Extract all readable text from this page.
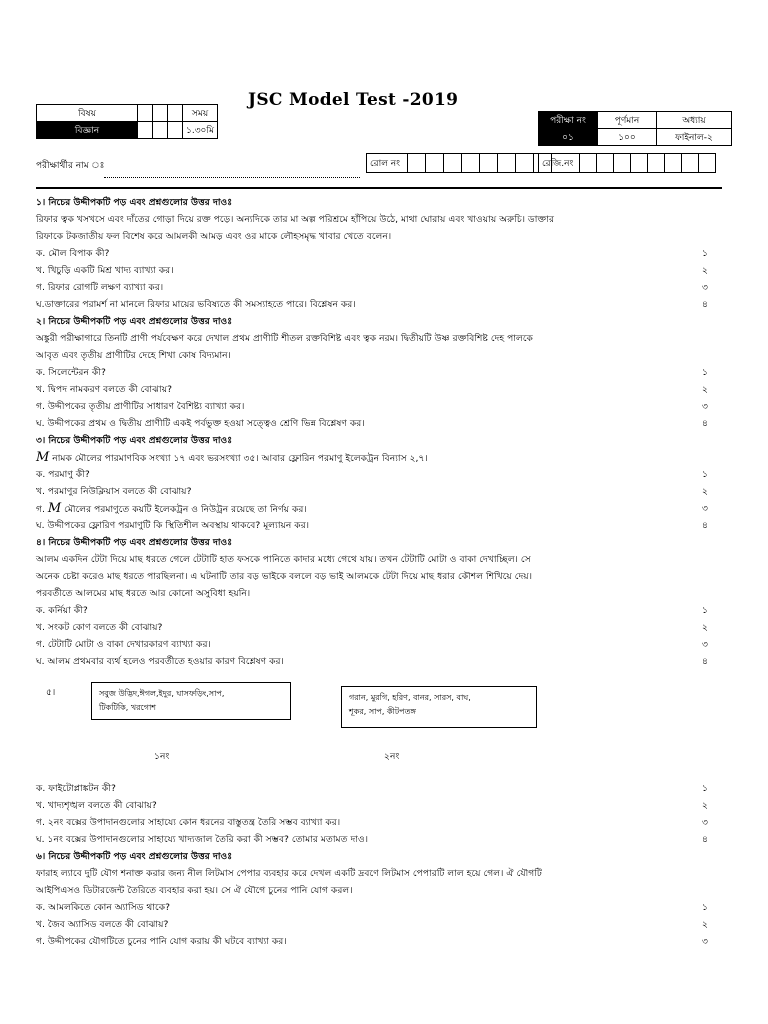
JSC Model Test -2019
বিষয়				সময়
বিজ্ঞান				১.৩০মি
পরীক্ষা নং	পূর্ণমান	অধ্যায়
০১	১০০	ফাইনাল-২
পরীক্ষার্থীর নাম ঃ	রোল নং									রেজি.নং								
১। নিচের উদ্দীপকটি পড় এবং প্রশ্নগুলোর উত্তর দাওঃ
রিফার ত্বক খসখসে এবং দাঁতের গোড়া দিয়ে রক্ত পড়ে। অন্যদিকে তার মা অল্প পরিশ্রমে হাঁপিয়ে উঠে, মাথা ঘোরায় এবং খাওয়ায় অরুচি। ডাক্তার
রিফাকে টকজাতীয় ফল বিশেষ করে আমলকী আমড় এবং ওর মাকে লৌহসমৃদ্ধ খাবার খেতে বলেন।
ক. মৌল বিপাক কী?	১
খ. খিচুড়ি একটি মিশ্র খাদ্য ব্যাখ্যা কর।	২
গ. রিফার রোগটি লক্ষণ ব্যাখ্যা কর।	৩
ঘ.ডাক্তারের পরামর্শ না মানলে রিফার মায়ের ভবিষ্যতে কী সমস্যাহতে পারে। বিশ্লেষন কর।	৪
২। নিচের উদ্দীপকটি পড় এবং প্রশ্নগুলোর উত্তর দাওঃ
অঙ্কুরী পরীক্ষাগারে তিনটি প্রাণী পর্যবেক্ষণ করে দেখাল প্রথম প্রাণীটি শীতল রক্তবিশিষ্ট এবং ত্বক নরম। দ্বিতীয়টি উষ্ণ রক্তবিশিষ্ট দেহ পালকে
আবৃত এবং তৃতীয় প্রাণীটির দেহে শিখা কোষ বিদ্যমান।
ক. সিলেন্টেরন কী?	১
খ. দ্বিপদ নামকরণ বলতে কী বোঝায়?	২
গ. উদ্দীপকের তৃতীয় প্রাণীটির সাধারণ বৈশিষ্ট্য ব্যাখ্যা কর।	৩
ঘ. উদ্দীপকের প্রথম ও দ্বিতীয় প্রাণীটি একই পর্বভুক্ত হওয়া সত্ত্বেও শ্রেণি ভিন্ন বিশ্লেষণ কর।	৪
৩। নিচের উদ্দীপকটি পড় এবং প্রশ্নগুলোর উত্তর দাওঃ
M নামক মৌলের পারমাণবিক সংখ্যা ১৭ এবং ভরসংখ্যা ৩৫। আবার ফ্লোরিন পরমাণু ইলেকট্রন বিন্যাস ২,৭।
ক. পরমাণু কী?	১
খ. পরমাণুর নিউক্লিয়াস বলতে কী বোঝায়?	২
গ. M মৌলের পরমাণুতে কয়টি ইলেকট্রন ও নিউট্রন রয়েছে তা নির্ণয় কর।	৩
ঘ. উদ্দীপকের ফ্লোরিণ পরমাণুটি কি স্থিতিশীল অবস্থায় থাকবে? মূল্যায়ন কর।	৪
৪। নিচের উদ্দীপকটি পড় এবং প্রশ্নগুলোর উত্তর দাওঃ
আলম একদিন টেটা দিয়ে মাছ ধরতে গেলে টেটাটি হাত ফসকে পানিতে কাদার মধ্যে গেথে যায়। তখন টেটাটি মোটা ও বাকা দেখাচ্ছিল। সে
অনেক চেষ্টা করেও মাছ ধরতে পারছিলনা। এ ঘটনাটি তার বড় ভাইকে বললে বড় ভাই আলমকে টেটা দিয়ে মাছ ধরার কৌশল শিখিয়ে দেয়।
পরবর্তীতে আলমের মাছ ধরতে আর কোনো অসুবিধা হয়নি।
ক. কর্নিয়া কী?	১
খ. সংকট কোণ বলতে কী বোঝায়?	২
গ. টেটাটি মোটা ও বাকা দেখারকারণ ব্যাখ্যা কর।	৩
ঘ. আলম প্রথমবার ব্যর্থ হলেও পরবর্তীতে হওয়ার কারণ বিশ্লেষণ কর।	৪
৫।	সবুজ উদ্ভিদ,ঈগল,ইদুর, ঘাসফড়িং,সাপ,
টিকটিকি, খরগোশ
গরান, মুরগি, হরিণ, বানর, সারস, বাঘ,
শূকর, সাপ, কীটপতঙ্গ
১নং	২নং
ক. ফাইটোপ্লাঙ্কটন কী?	১
খ. খাদ্যশৃঙ্খল বলতে কী বোঝায়?	২
গ. ২নং বক্সের উপাদানগুলোর সাহায্যে কোন ধরনের বাস্তুতন্ত্র তৈরি সম্ভব ব্যাখ্যা কর।	৩
ঘ. ১নং বক্সের উপাদানগুলোর সাহায্যে খাদ্যজাল তৈরি করা কী সম্ভব? তোমার মতামত দাও।	৪
৬। নিচের উদ্দীপকটি পড় এবং প্রশ্নগুলোর উত্তর দাওঃ
ফারাহ ল্যাবে দুটি যৌগ শনাক্ত করার জন্য নীল লিটমাস পেপার ব্যবহার করে দেখল একটি দ্রবণে লিটমাস পেপারটি লাল হয়ে গেল। ঐ যৌগটি
আইপিএসও ডিটারজেন্ট তৈরিতে ব্যবহার করা হয়। সে ঐ যৌগে চুনের পানি যোগ করল।
ক. আমলকিতে কোন অ্যাসিড থাকে?	১
খ. জৈব অ্যাসিড বলতে কী বোঝায়?	২
গ. উদ্দীপকের যৌগটিতে চুনের পানি যোগ করায় কী ঘটবে ব্যাখ্যা কর।	৩
